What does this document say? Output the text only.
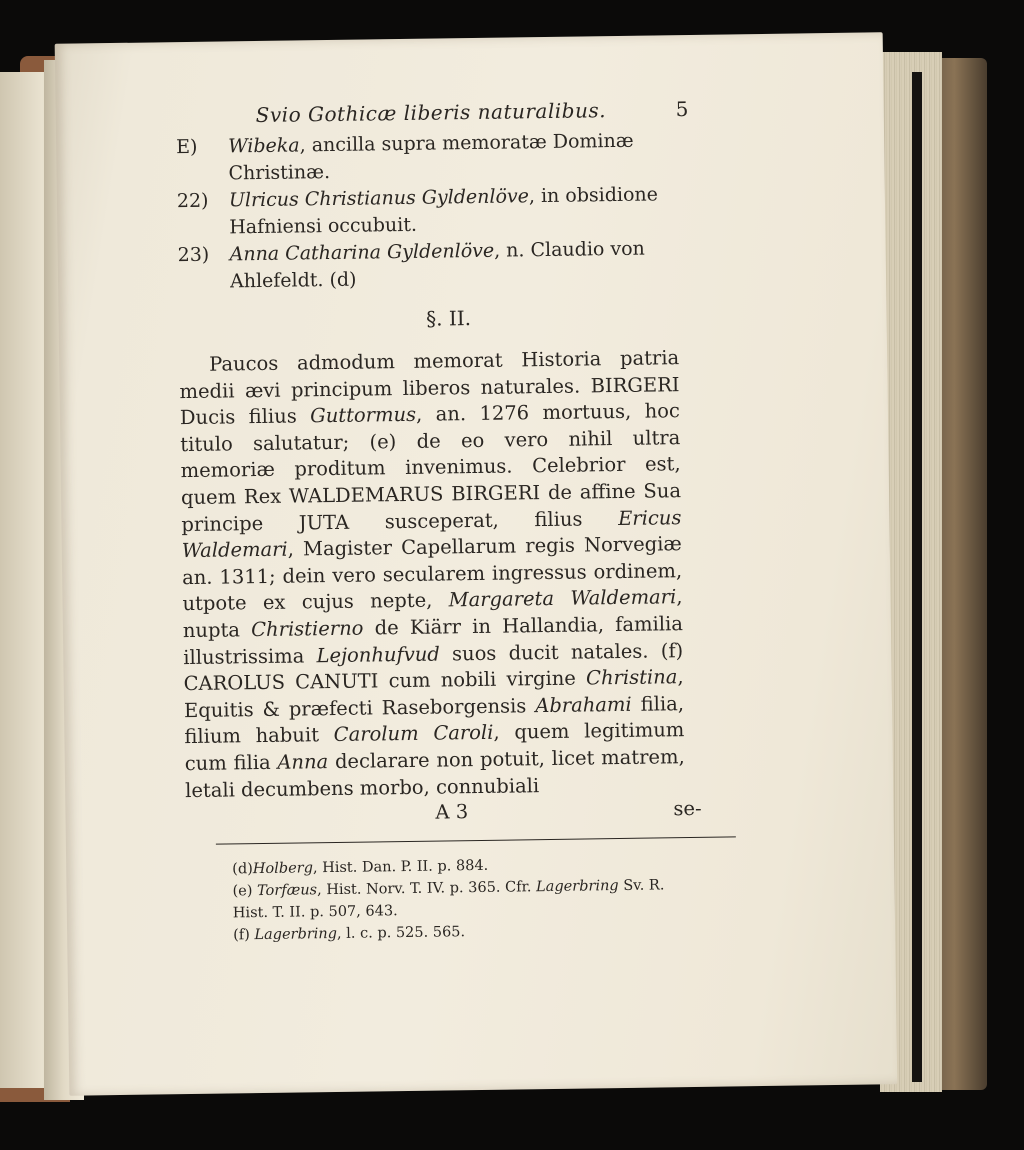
Svio Gothicæ liberis naturalibus.	5

E) Wibeka, ancilla supra memoratæ Dominæ Christinæ.

22) Ulricus Christianus Gyldenlöve, in obsidione Hafniensi occubuit.

23) Anna Catharina Gyldenlöve, n. Claudio von Ahlefeldt. (d)

§. II.

Paucos admodum memorat Historia patria medii ævi principum liberos naturales. BIRGERI Ducis filius Guttormus, an. 1276 mortuus, hoc titulo salutatur; (e) de eo vero nihil ultra memoriæ proditum invenimus. Celebrior est, quem Rex WALDEMARUS BIRGERI de affine Sua principe JUTA susceperat, filius Ericus Waldemari, Magister Capellarum regis Norvegiæ an. 1311; dein vero secularem ingressus ordinem, utpote ex cujus nepte, Margareta Waldemari, nupta Christierno de Kiärr in Hallandia, familia illustrissima Lejonhufvud suos ducit natales. (f) CAROLUS CANUTI cum nobili virgine Christina, Equitis & præfecti Raseborgensis Abrahami filia, filium habuit Carolum Caroli, quem legitimum cum filia Anna declarare non potuit, licet matrem, letali decumbens morbo, connubiali

A 3	se-

(d)Holberg, Hist. Dan. P. II. p. 884.

(e) Torfæus, Hist. Norv. T. IV. p. 365. Cfr. Lagerbring Sv. R. Hist. T. II. p. 507, 643.

(f) Lagerbring, l. c. p. 525. 565.
